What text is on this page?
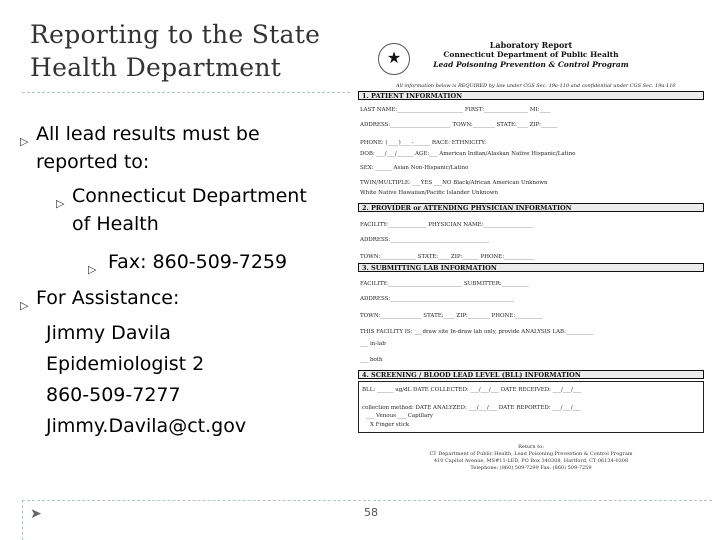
Reporting to the State
Health Department
▷ All lead results must be
reported to:
▷ Connecticut Department
of Health
▷ Fax: 860-509-7259
▷ For Assistance:
Jimmy Davila
Epidemiologist 2
860-509-7277
Jimmy.Davila@ct.gov
★
Laboratory Report
Connecticut Department of Public Health
Lead Poisoning Prevention & Control Program
All information below is REQUIRED by law under CGS Sec. 19a-110 and confidential under CGS Sec. 19a-110
1. PATIENT INFORMATION
LAST NAME:________________________ FIRST:________________ MI:____
ADDRESS:______________________ TOWN:________ STATE:____ ZIP:______
PHONE: (____)____-______ RACE: ETHNICITY:
DOB: ___/___/______ AGE:___ American Indian/Alaskan Native Hispanic/Latino
SEX: ______ Asian Non-Hispanic/Latino
TWIN/MULTIPLE: ___YES ___NO Black/African American Unknown
White Native Hawaiian/Pacific Islander Unknown
2. PROVIDER or ATTENDING PHYSICIAN INFORMATION
FACILITY:______________ PHYSICIAN NAME:__________________
ADDRESS:____________________________________
TOWN:_____________ STATE:____ ZIP:______ PHONE:___________
3. SUBMITTING LAB INFORMATION
FACILITY:___________________________ SUBMITTER:__________
ADDRESS:_____________________________________________
TOWN:_______________ STATE:____ ZIP:________ PHONE:__________
THIS FACILITY IS: ___draw site In-draw lab only, provide ANALYSIS LAB:__________
___ in-lab
___ both
4. SCREENING / BLOOD LEAD LEVEL (BLL) INFORMATION
BLL: ______ ug/dL DATE COLLECTED: ___/___/___ DATE RECEIVED: ___/___/___
collection method: DATE ANALYZED: ___/___/___ DATE REPORTED: ___/___/___
___ Venous ___ Capillary
X Finger stick
Return to:
CT Department of Public Health, Lead Poisoning Prevention & Control Program
410 Capitol Avenue, MS#11-LED, PO Box 340308, Hartford, CT 06134-0308
Telephone: (860) 509-7299 Fax: (860) 509-7259
➤	58
